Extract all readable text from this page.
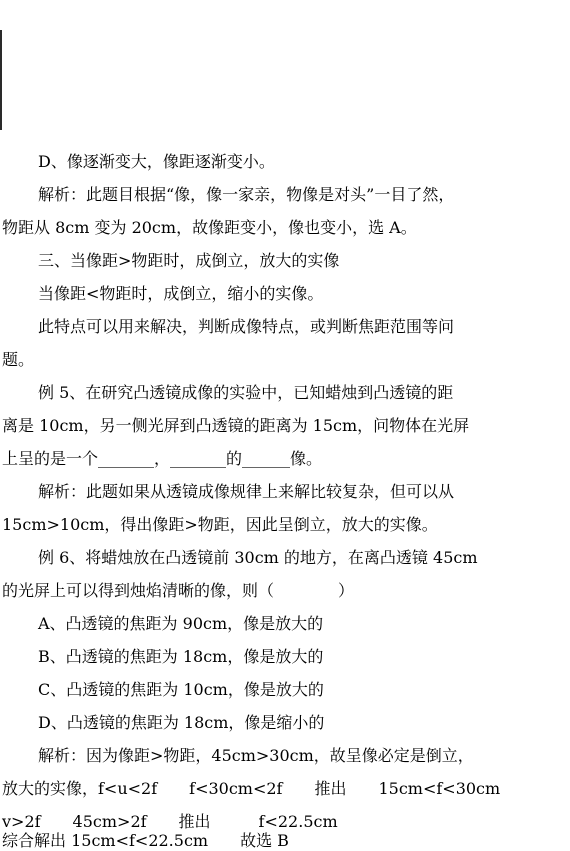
D、像逐渐变大，像距逐渐变小。
解析：此题目根据“像，像一家亲，物像是对头”一目了然，
物距从 8cm 变为 20cm，故像距变小，像也变小，选 A。
三、当像距>物距时，成倒立，放大的实像
当像距<物距时，成倒立，缩小的实像。
此特点可以用来解决，判断成像特点，或判断焦距范围等问
题。
例 5、在研究凸透镜成像的实验中，已知蜡烛到凸透镜的距
离是 10cm，另一侧光屏到凸透镜的距离为 15cm，问物体在光屏
上呈的是一个_______，_______的______像。
解析：此题如果从透镜成像规律上来解比较复杂，但可以从
15cm>10cm，得出像距>物距，因此呈倒立，放大的实像。
例 6、将蜡烛放在凸透镜前 30cm 的地方，在离凸透镜 45cm
的光屏上可以得到烛焰清晰的像，则（　　　　）
A、凸透镜的焦距为 90cm，像是放大的
B、凸透镜的焦距为 18cm，像是放大的
C、凸透镜的焦距为 10cm，像是放大的
D、凸透镜的焦距为 18cm，像是缩小的
解析：因为像距>物距，45cm>30cm，故呈像必定是倒立，
放大的实像，f<u<2f　　f<30cm<2f　　推出　　15cm<f<30cm
v>2f　　45cm>2f　　推出　　　f<22.5cm
综合解出 15cm<f<22.5cm　　故选 B
